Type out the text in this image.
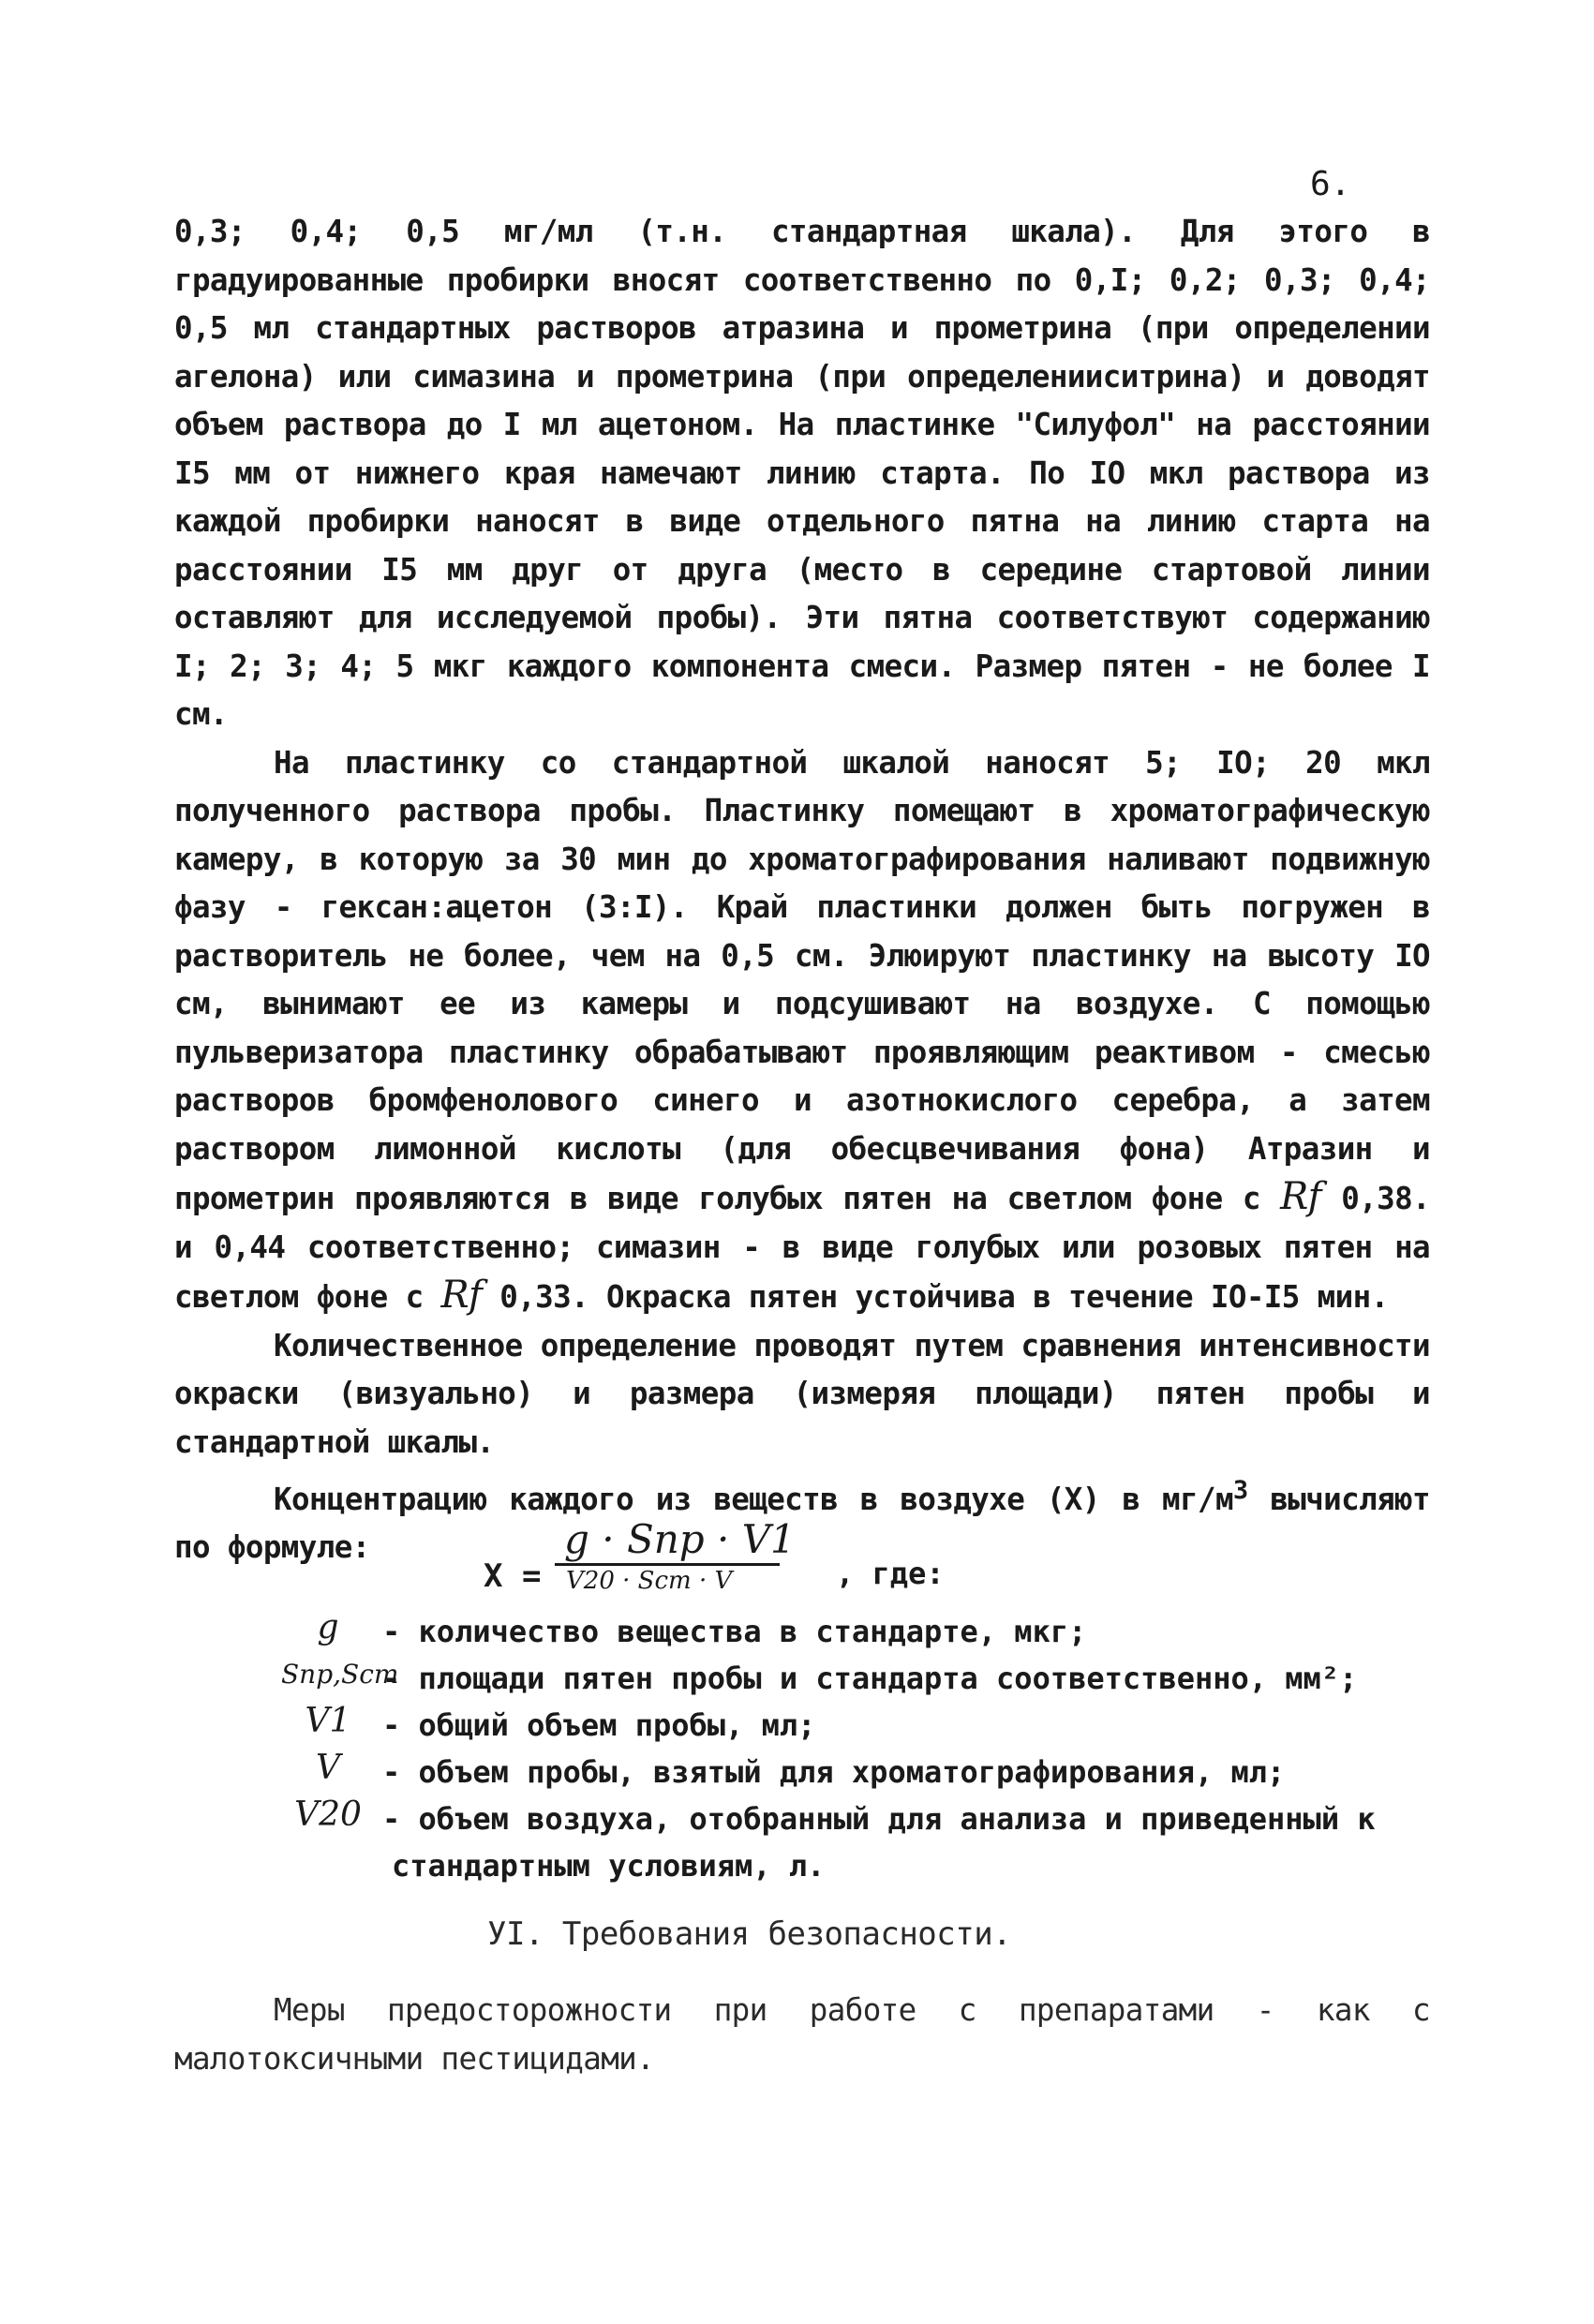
6.

0,3; 0,4; 0,5 мг/мл (т.н. стандартная шкала). Для этого в градуированные пробирки вносят соответственно по 0,I; 0,2; 0,3; 0,4; 0,5 мл стандартных растворов атразина и прометрина (при определении агелона) или симазина и прометрина (при определенииситрина) и доводят объем раствора до I мл ацетоном. На пластинке "Силуфол" на расстоянии I5 мм от нижнего края намечают линию старта. По IO мкл раствора из каждой пробирки наносят в виде отдельного пятна на линию старта на расстоянии I5 мм друг от друга (место в середине стартовой линии оставляют для исследуемой пробы). Эти пятна соответствуют содержанию I; 2; 3; 4; 5 мкг каждого компонента смеси. Размер пятен - не более I см.

На пластинку со стандартной шкалой наносят 5; IO; 20 мкл полученного раствора пробы. Пластинку помещают в хроматографическую камеру, в которую за 30 мин до хроматографирования наливают подвижную фазу - гексан:ацетон (3:I). Край пластинки должен быть погружен в растворитель не более, чем на 0,5 см. Элюируют пластинку на высоту IO см, вынимают ее из камеры и подсушивают на воздухе. С помощью пульверизатора пластинку обрабатывают проявляющим реактивом - смесью растворов бромфенолового синего и азотнокислого серебра, а затем раствором лимонной кислоты (для обесцвечивания фона) Атразин и прометрин проявляются в виде голубых пятен на светлом фоне с Rf 0,38. и 0,44 соответственно; симазин - в виде голубых или розовых пятен на светлом фоне с Rf 0,33. Окраска пятен устойчива в течение IO-I5 мин.

Количественное определение проводят путем сравнения интенсивности окраски (визуально) и размера (измеряя площади) пятен пробы и стандартной шкалы.

Концентрацию каждого из веществ в воздухе (Х) в $мг/м^3$ вычисляют по формуле:

X =
g · Sпр · V1
V20 · Sст · V	, где:
g	- количество вещества в стандарте, мкг;
Sпр,Sст
- площади пятен пробы и стандарта соответственно, мм²;
V1	- общий объем пробы, мл;
V	- объем пробы, взятый для хроматографирования, мл;
V20 - объем воздуха, отобранный для анализа и приведенный к
стандартным условиям, л.
УI. Требования безопасности.

Меры предосторожности при работе с препаратами - как с малотоксичными пестицидами.
